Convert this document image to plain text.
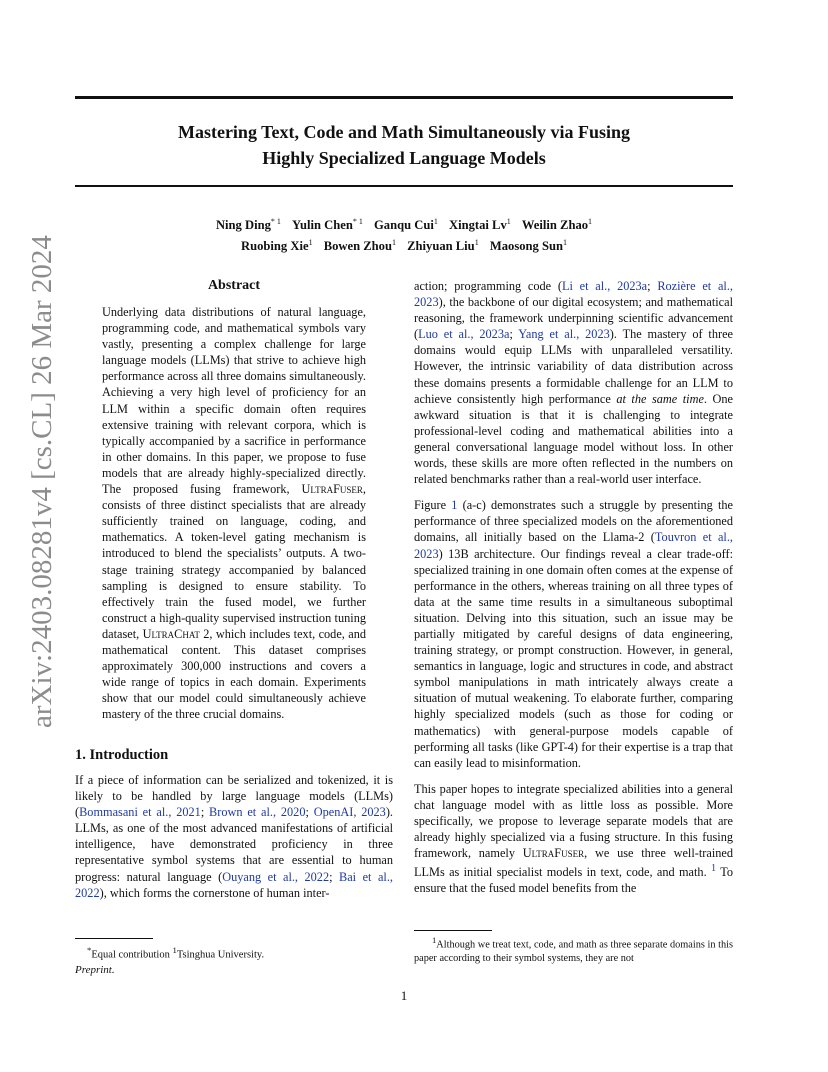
arXiv:2403.08281v4 [cs.CL] 26 Mar 2024
Mastering Text, Code and Math Simultaneously via Fusing
Highly Specialized Language Models
Ning Ding$^{* 1}$ Yulin Chen$^{* 1}$ Ganqu Cui$^1$ Xingtai Lv$^1$ Weilin Zhao$^1$
Ruobing Xie$^1$ Bowen Zhou$^1$ Zhiyuan Liu$^1$ Maosong Sun$^1$
Abstract

Underlying data distributions of natural language, programming code, and mathematical symbols vary vastly, presenting a complex challenge for large language models (LLMs) that strive to achieve high performance across all three domains simultaneously. Achieving a very high level of proficiency for an LLM within a specific domain often requires extensive training with relevant corpora, which is typically accompanied by a sacrifice in performance in other domains. In this paper, we propose to fuse models that are already highly-specialized directly. The proposed fusing framework, UltraFuser, consists of three distinct specialists that are already sufficiently trained on language, coding, and mathematics. A token-level gating mechanism is introduced to blend the specialists’ outputs. A two-stage training strategy accompanied by balanced sampling is designed to ensure stability. To effectively train the fused model, we further construct a high-quality supervised instruction tuning dataset, UltraChat 2, which includes text, code, and mathematical content. This dataset comprises approximately 300,000 instructions and covers a wide range of topics in each domain. Experiments show that our model could simultaneously achieve mastery of the three crucial domains.

1. Introduction
If a piece of information can be serialized and tokenized, it is likely to be handled by large language models (LLMs) (Bommasani et al., 2021; Brown et al., 2020; OpenAI, 2023). LLMs, as one of the most advanced manifestations of artificial intelligence, have demonstrated proficiency in three representative symbol systems that are essential to human progress: natural language (Ouyang et al., 2022; Bai et al., 2022), which forms the cornerstone of human inter-
*Equal contribution $^1$Tsinghua University.
Preprint.

action; programming code (Li et al., 2023a; Rozière et al., 2023), the backbone of our digital ecosystem; and mathematical reasoning, the framework underpinning scientific advancement (Luo et al., 2023a; Yang et al., 2023). The mastery of three domains would equip LLMs with unparalleled versatility. However, the intrinsic variability of data distribution across these domains presents a formidable challenge for an LLM to achieve consistently high performance at the same time. One awkward situation is that it is challenging to integrate professional-level coding and mathematical abilities into a general conversational language model without loss. In other words, these skills are more often reflected in the numbers on related benchmarks rather than a real-world user interface.

Figure 1 (a-c) demonstrates such a struggle by presenting the performance of three specialized models on the aforementioned domains, all initially based on the Llama-2 (Touvron et al., 2023) 13B architecture. Our findings reveal a clear trade-off: specialized training in one domain often comes at the expense of performance in the others, whereas training on all three types of data at the same time results in a simultaneous suboptimal situation. Delving into this situation, such an issue may be partially mitigated by careful designs of data engineering, training strategy, or prompt construction. However, in general, semantics in language, logic and structures in code, and abstract symbol manipulations in math intricately always create a situation of mutual weakening. To elaborate further, comparing highly specialized models (such as those for coding or mathematics) with general-purpose models capable of performing all tasks (like GPT-4) for their expertise is a trap that can easily lead to misinformation.

This paper hopes to integrate specialized abilities into a general chat language model with as little loss as possible. More specifically, we propose to leverage separate models that are already highly specialized via a fusing structure. In this fusing framework, namely UltraFuser, we use three well-trained LLMs as initial specialist models in text, code, and math. $^1$ To ensure that the fused model benefits from the

$^1$Although we treat text, code, and math as three separate domains in this paper according to their symbol systems, they are not
1
